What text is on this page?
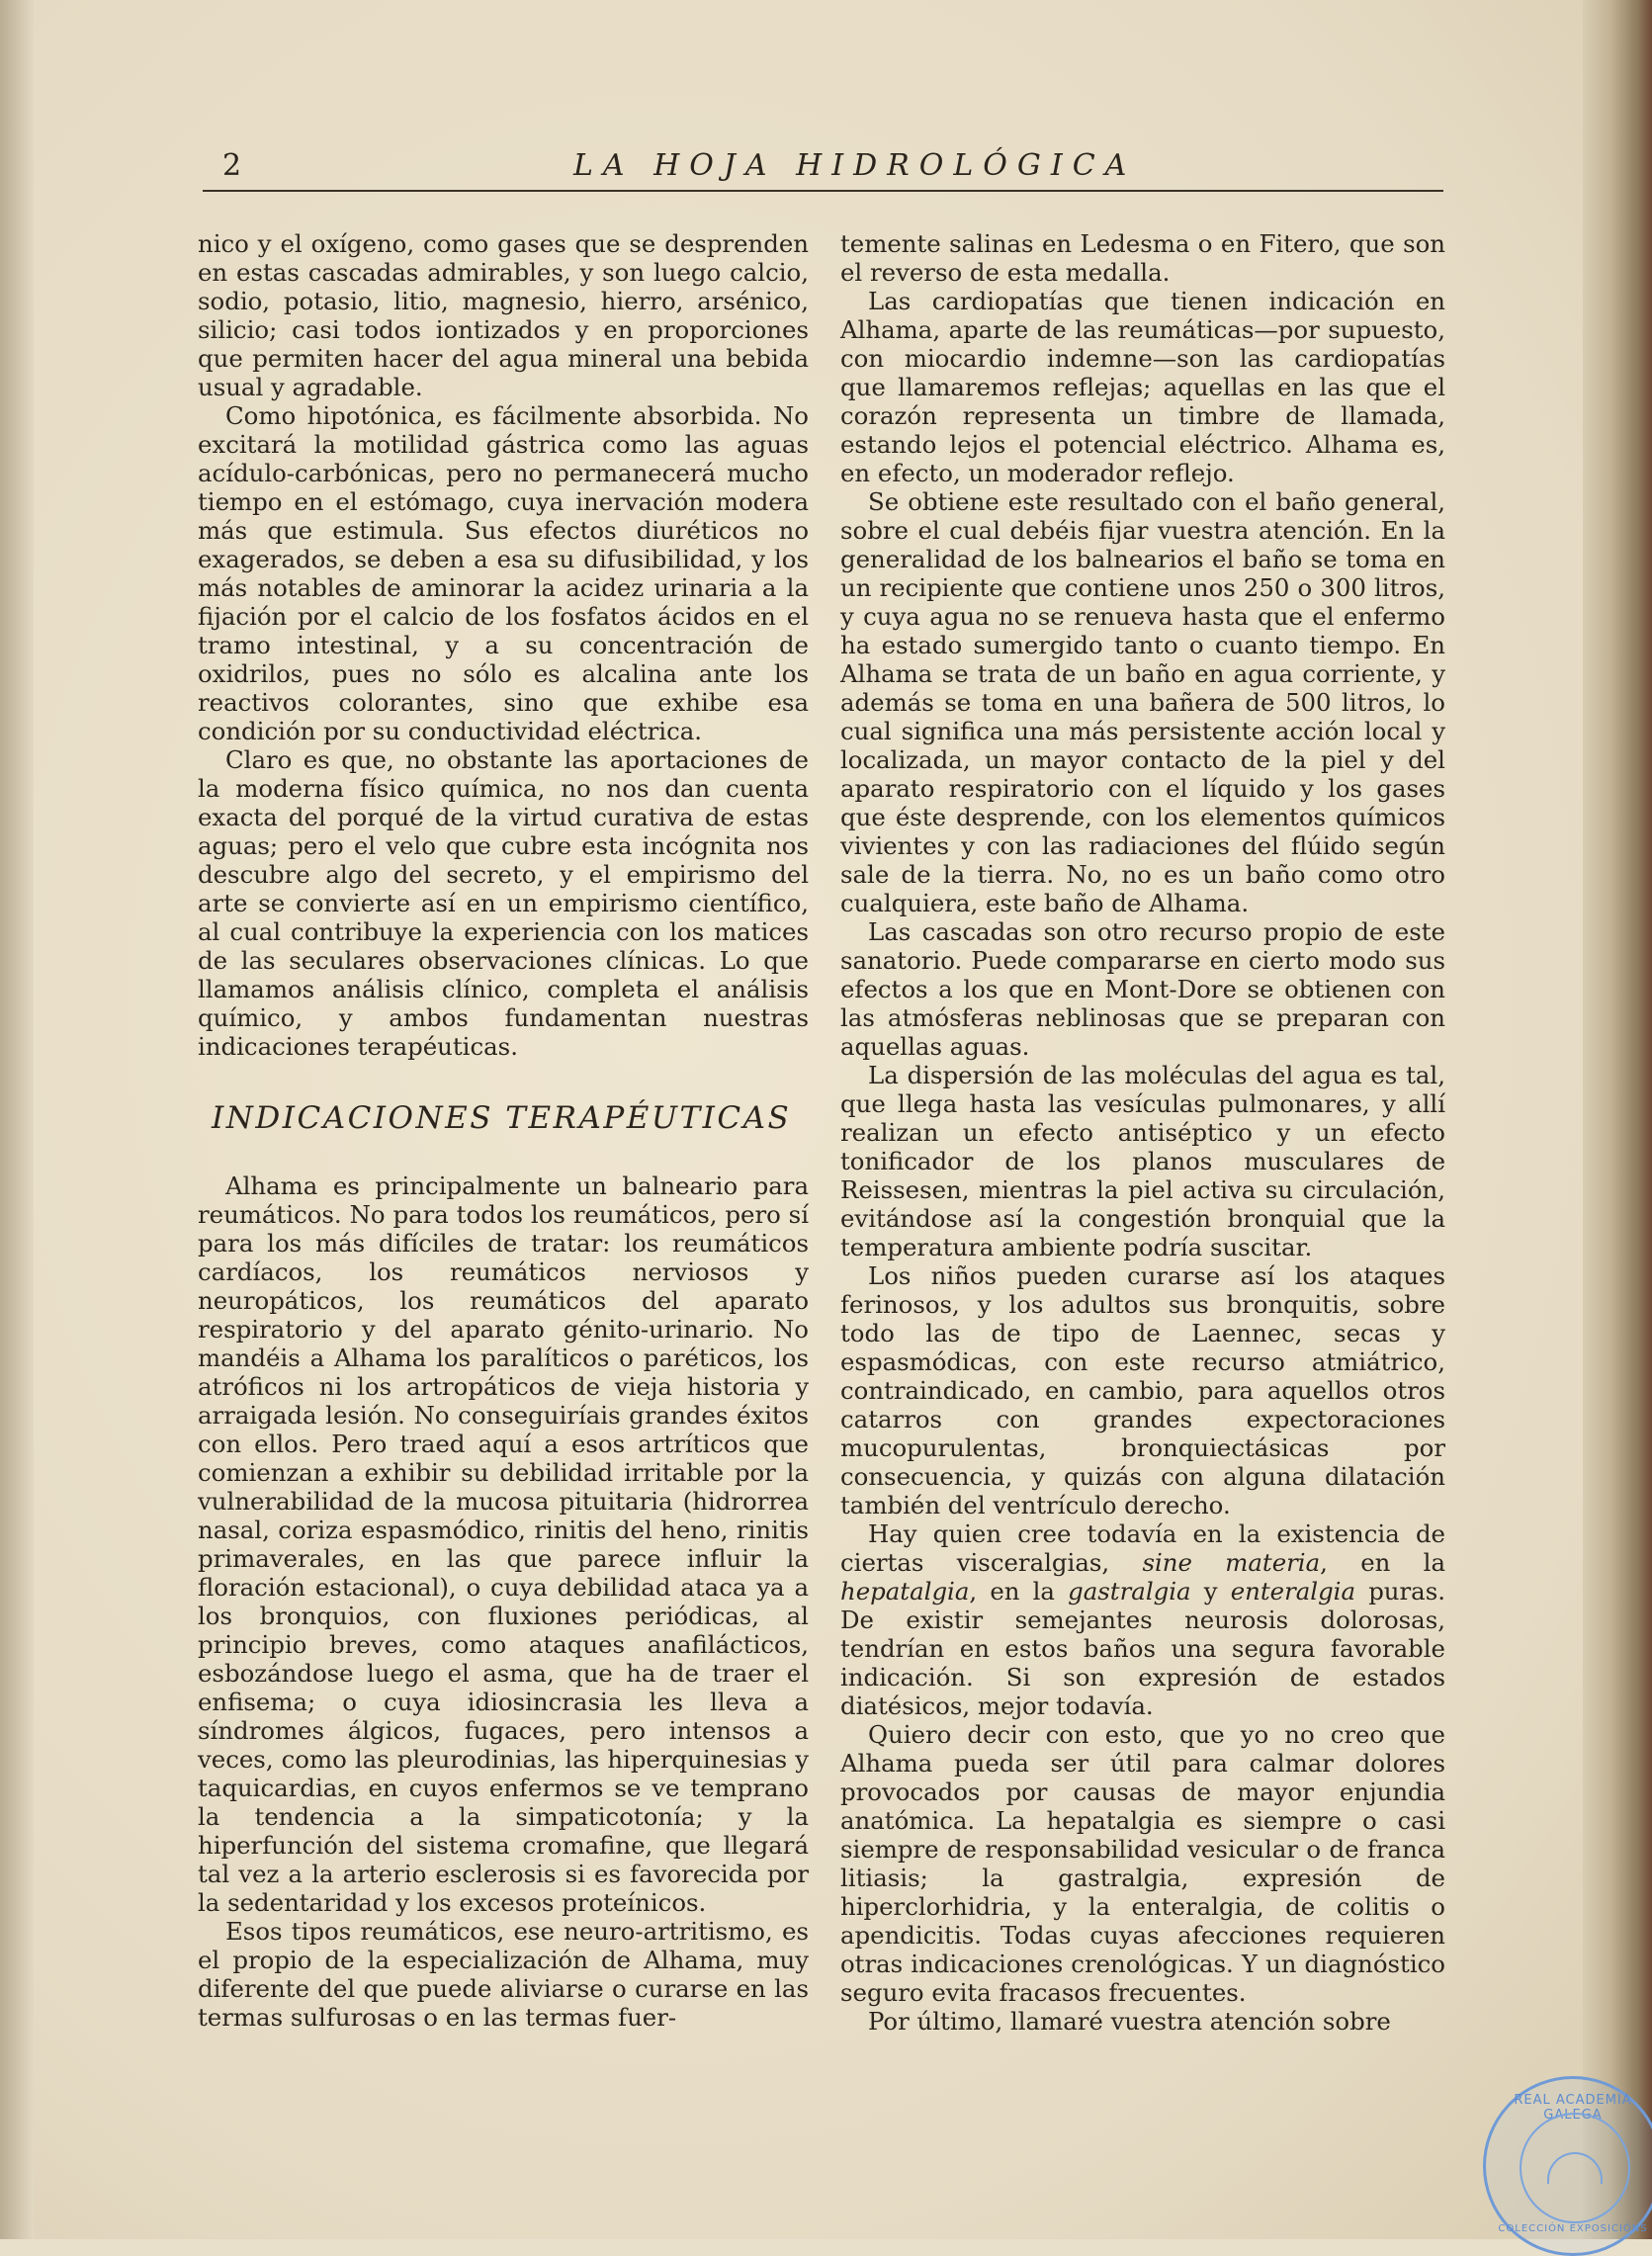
2	LA HOJA HIDROLÓGICA

nico y el oxígeno, como gases que se desprenden en estas cascadas admirables, y son luego calcio, sodio, potasio, litio, magnesio, hierro, arsénico, silicio; casi todos iontizados y en proporciones que permiten hacer del agua mineral una bebida usual y agradable.

Como hipotónica, es fácilmente absorbida. No excitará la motilidad gástrica como las aguas acídulo-carbónicas, pero no permanecerá mucho tiempo en el estómago, cuya inervación modera más que estimula. Sus efectos diuréticos no exagerados, se deben a esa su difusibilidad, y los más notables de aminorar la acidez urinaria a la fijación por el calcio de los fosfatos ácidos en el tramo intestinal, y a su concentración de oxidrilos, pues no sólo es alcalina ante los reactivos colorantes, sino que exhibe esa condición por su conductividad eléctrica.

Claro es que, no obstante las aportaciones de la moderna físico química, no nos dan cuenta exacta del porqué de la virtud curativa de estas aguas; pero el velo que cubre esta incógnita nos descubre algo del secreto, y el empirismo del arte se convierte así en un empirismo científico, al cual contribuye la experiencia con los matices de las seculares observaciones clínicas. Lo que llamamos análisis clínico, completa el análisis químico, y ambos fundamentan nuestras indicaciones terapéuticas.

INDICACIONES TERAPÉUTICAS

Alhama es principalmente un balneario para reumáticos. No para todos los reumáticos, pero sí para los más difíciles de tratar: los reumáticos cardíacos, los reumáticos nerviosos y neuropáticos, los reumáticos del aparato respiratorio y del aparato génito-urinario. No mandéis a Alhama los paralíticos o paréticos, los atróficos ni los artropáticos de vieja historia y arraigada lesión. No conseguiríais grandes éxitos con ellos. Pero traed aquí a esos artríticos que comienzan a exhibir su debilidad irritable por la vulnerabilidad de la mucosa pituitaria (hidrorrea nasal, coriza espasmódico, rinitis del heno, rinitis primaverales, en las que parece influir la floración estacional), o cuya debilidad ataca ya a los bronquios, con fluxiones periódicas, al principio breves, como ataques anafilácticos, esbozándose luego el asma, que ha de traer el enfisema; o cuya idiosincrasia les lleva a síndromes álgicos, fugaces, pero intensos a veces, como las pleurodinias, las hiperquinesias y taquicardias, en cuyos enfermos se ve temprano la tendencia a la simpaticotonía; y la hiperfunción del sistema cromafine, que llegará tal vez a la arterio esclerosis si es favorecida por la sedentaridad y los excesos proteínicos.

Esos tipos reumáticos, ese neuro-artritismo, es el propio de la especialización de Alhama, muy diferente del que puede aliviarse o curarse en las termas sulfurosas o en las termas fuer-

temente salinas en Ledesma o en Fitero, que son el reverso de esta medalla.

Las cardiopatías que tienen indicación en Alhama, aparte de las reumáticas—por supuesto, con miocardio indemne—son las cardiopatías que llamaremos reflejas; aquellas en las que el corazón representa un timbre de llamada, estando lejos el potencial eléctrico. Alhama es, en efecto, un moderador reflejo.

Se obtiene este resultado con el baño general, sobre el cual debéis fijar vuestra atención. En la generalidad de los balnearios el baño se toma en un recipiente que contiene unos 250 o 300 litros, y cuya agua no se renueva hasta que el enfermo ha estado sumergido tanto o cuanto tiempo. En Alhama se trata de un baño en agua corriente, y además se toma en una bañera de 500 litros, lo cual significa una más persistente acción local y localizada, un mayor contacto de la piel y del aparato respiratorio con el líquido y los gases que éste desprende, con los elementos químicos vivientes y con las radiaciones del flúido según sale de la tierra. No, no es un baño como otro cualquiera, este baño de Alhama.

Las cascadas son otro recurso propio de este sanatorio. Puede compararse en cierto modo sus efectos a los que en Mont-Dore se obtienen con las atmósferas neblinosas que se preparan con aquellas aguas.

La dispersión de las moléculas del agua es tal, que llega hasta las vesículas pulmonares, y allí realizan un efecto antiséptico y un efecto tonificador de los planos musculares de Reissesen, mientras la piel activa su circulación, evitándose así la congestión bronquial que la temperatura ambiente podría suscitar.

Los niños pueden curarse así los ataques ferinosos, y los adultos sus bronquitis, sobre todo las de tipo de Laennec, secas y espasmódicas, con este recurso atmiátrico, contraindicado, en cambio, para aquellos otros catarros con grandes expectoraciones mucopurulentas, bronquiectásicas por consecuencia, y quizás con alguna dilatación también del ventrículo derecho.

Hay quien cree todavía en la existencia de ciertas visceralgias, sine materia, en la hepatalgia, en la gastralgia y enteralgia puras. De existir semejantes neurosis dolorosas, tendrían en estos baños una segura favorable indicación. Si son expresión de estados diatésicos, mejor todavía.

Quiero decir con esto, que yo no creo que Alhama pueda ser útil para calmar dolores provocados por causas de mayor enjundia anatómica. La hepatalgia es siempre o casi siempre de responsabilidad vesicular o de franca litiasis; la gastralgia, expresión de hiperclorhidria, y la enteralgia, de colitis o apendicitis. Todas cuyas afecciones requieren otras indicaciones crenológicas. Y un diagnóstico seguro evita fracasos frecuentes.

Por último, llamaré vuestra atención sobre

REAL ACADEMIA GALEGA
COLECCIÓN EXPOSICIÓNS
